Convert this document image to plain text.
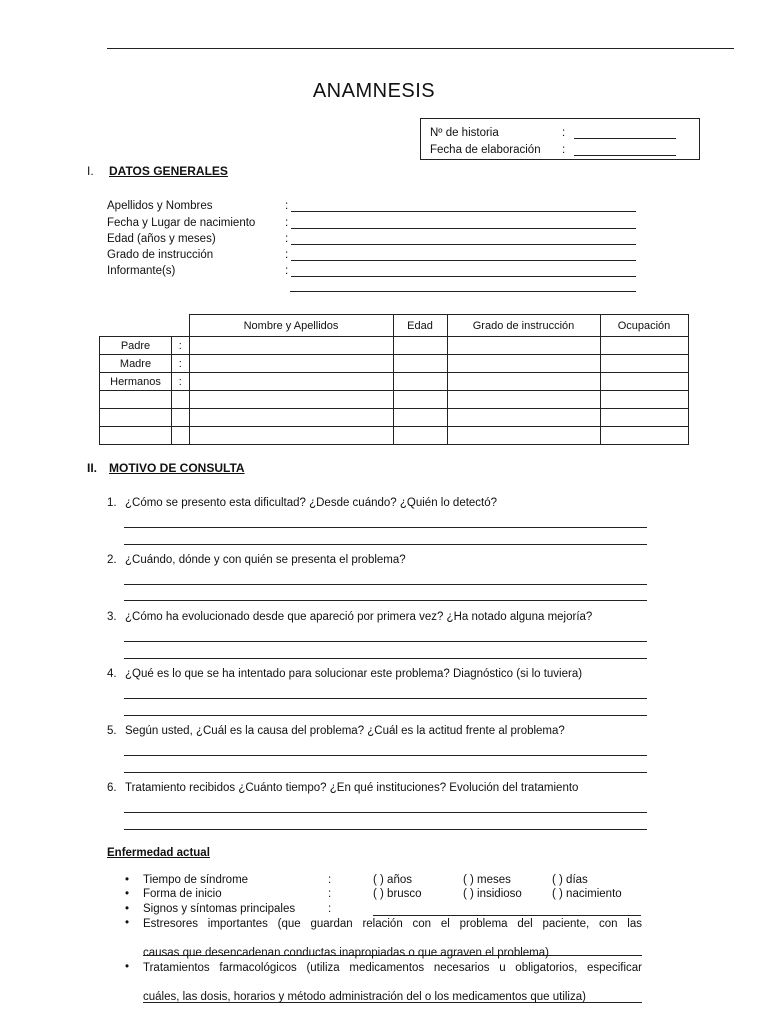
ANAMNESIS
Nº de historia	:
Fecha de elaboración	:
I.	DATOS GENERALES
Apellidos y Nombres	:
Fecha y Lugar de nacimiento	:
Edad (años y meses)	:
Grado de instrucción	:
Informante(s)	:
		Nombre y Apellidos	Edad	Grado de instrucción	Ocupación
Padre	:				
Madre	:				
Hermanos	:				

II. MOTIVO DE CONSULTA
1. ¿Cómo se presento esta dificultad? ¿Desde cuándo? ¿Quién lo detectó?
2. ¿Cuándo, dónde y con quién se presenta el problema?
3. ¿Cómo ha evolucionado desde que apareció por primera vez? ¿Ha notado alguna mejoría?
4. ¿Qué es lo que se ha intentado para solucionar este problema? Diagnóstico (si lo tuviera)
5. Según usted, ¿Cuál es la causa del problema? ¿Cuál es la actitud frente al problema?
6. Tratamiento recibidos ¿Cuánto tiempo? ¿En qué instituciones? Evolución del tratamiento
Enfermedad actual
•	Tiempo de síndrome	:	( ) años	( ) meses	( ) días
•	Forma de inicio	:	( ) brusco	( ) insidioso	( ) nacimiento
•	Signos y síntomas principales	:
•	Estresores importantes (que guardan relación con el problema del paciente, con las
causas que desencadenan conductas inapropiadas o que agraven el problema)
•	Tratamientos farmacológicos (utiliza medicamentos necesarios u obligatorios, especificar
cuáles, las dosis, horarios y método administración del o los medicamentos que utiliza)
